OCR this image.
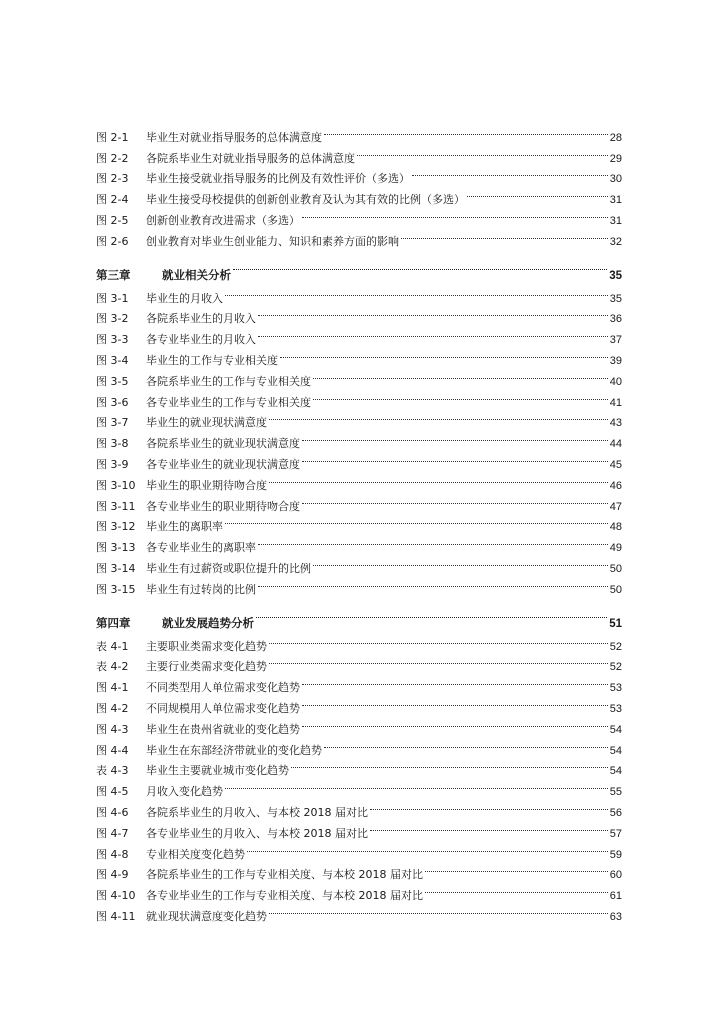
图 2-1	毕业生对就业指导服务的总体满意度	28
图 2-2	各院系毕业生对就业指导服务的总体满意度	29
图 2-3	毕业生接受就业指导服务的比例及有效性评价（多选）	30
图 2-4	毕业生接受母校提供的创新创业教育及认为其有效的比例（多选）	31
图 2-5	创新创业教育改进需求（多选）	31
图 2-6	创业教育对毕业生创业能力、知识和素养方面的影响	32
第三章	就业相关分析	35
图 3-1	毕业生的月收入	35
图 3-2	各院系毕业生的月收入	36
图 3-3	各专业毕业生的月收入	37
图 3-4	毕业生的工作与专业相关度	39
图 3-5	各院系毕业生的工作与专业相关度	40
图 3-6	各专业毕业生的工作与专业相关度	41
图 3-7	毕业生的就业现状满意度	43
图 3-8	各院系毕业生的就业现状满意度	44
图 3-9	各专业毕业生的就业现状满意度	45
图 3-10 毕业生的职业期待吻合度	46
图 3-11 各专业毕业生的职业期待吻合度	47
图 3-12 毕业生的离职率	48
图 3-13 各专业毕业生的离职率	49
图 3-14 毕业生有过薪资或职位提升的比例	50
图 3-15 毕业生有过转岗的比例	50
第四章	就业发展趋势分析	51
表 4-1	主要职业类需求变化趋势	52
表 4-2	主要行业类需求变化趋势	52
图 4-1	不同类型用人单位需求变化趋势	53
图 4-2	不同规模用人单位需求变化趋势	53
图 4-3	毕业生在贵州省就业的变化趋势	54
图 4-4	毕业生在东部经济带就业的变化趋势	54
表 4-3	毕业生主要就业城市变化趋势	54
图 4-5	月收入变化趋势	55
图 4-6	各院系毕业生的月收入、与本校 2018 届对比	56
图 4-7	各专业毕业生的月收入、与本校 2018 届对比	57
图 4-8	专业相关度变化趋势	59
图 4-9	各院系毕业生的工作与专业相关度、与本校 2018 届对比	60
图 4-10 各专业毕业生的工作与专业相关度、与本校 2018 届对比	61
图 4-11 就业现状满意度变化趋势	63
